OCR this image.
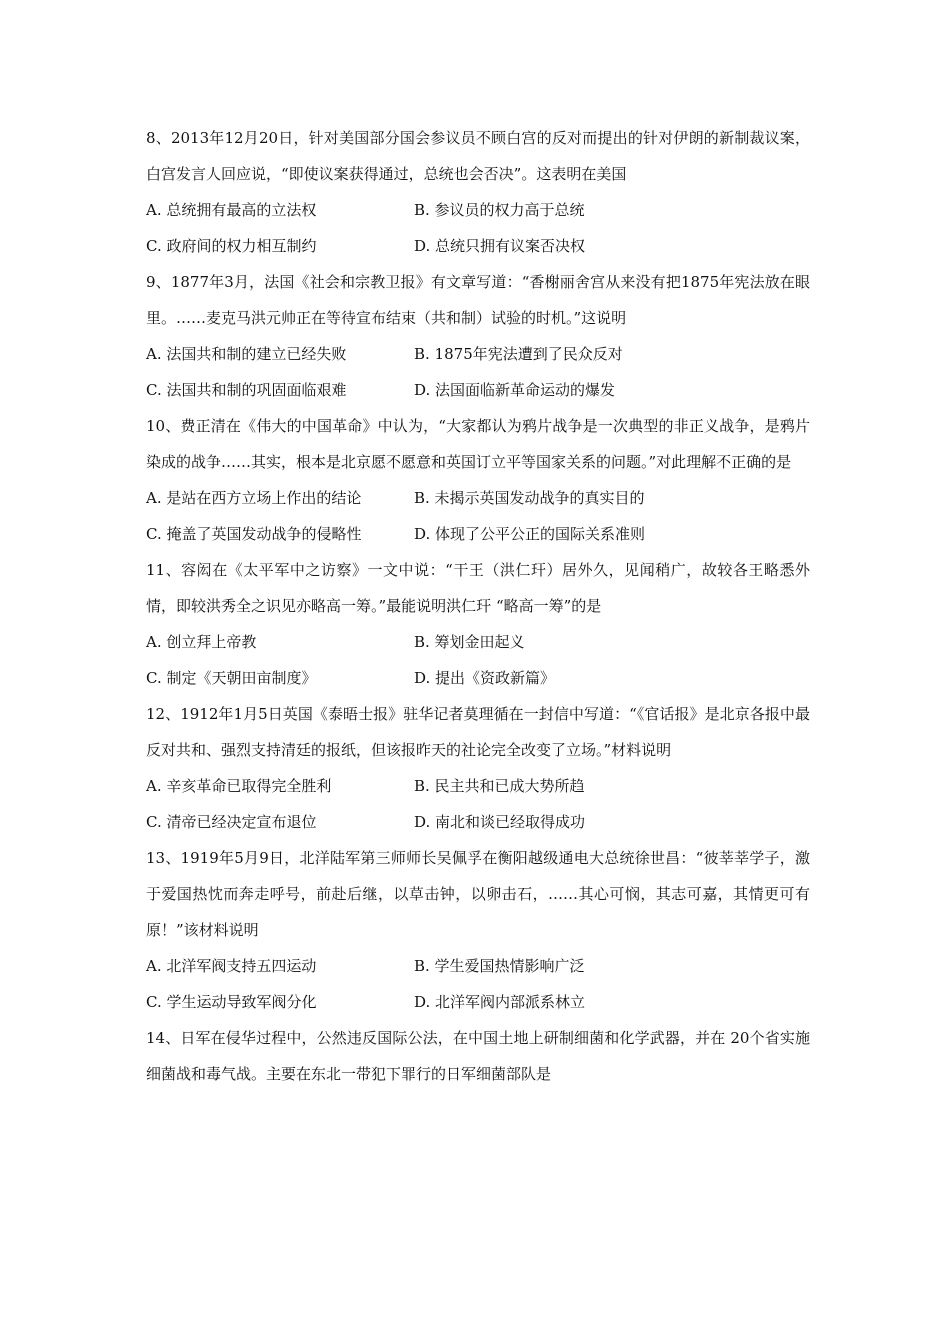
8、2013年12月20日，针对美国部分国会参议员不顾白宫的反对而提出的针对伊朗的新制裁议案，白宫发言人回应说，“即使议案获得通过，总统也会否决”。这表明在美国

A. 总统拥有最高的立法权	B. 参议员的权力高于总统
C. 政府间的权力相互制约	D. 总统只拥有议案否决权

9、1877年3月，法国《社会和宗教卫报》有文章写道：“香榭丽舍宫从来没有把1875年宪法放在眼里。……麦克马洪元帅正在等待宣布结束（共和制）试验的时机。”这说明

A. 法国共和制的建立已经失败	B. 1875年宪法遭到了民众反对
C. 法国共和制的巩固面临艰难	D. 法国面临新革命运动的爆发

10、费正清在《伟大的中国革命》中认为，“大家都认为鸦片战争是一次典型的非正义战争，是鸦片染成的战争……其实，根本是北京愿不愿意和英国订立平等国家关系的问题。”对此理解不正确的是

A. 是站在西方立场上作出的结论	B. 未揭示英国发动战争的真实目的
C. 掩盖了英国发动战争的侵略性	D. 体现了公平公正的国际关系准则

11、容闳在《太平军中之访察》一文中说：“干王（洪仁玕）居外久，见闻稍广，故较各王略悉外情，即较洪秀全之识见亦略高一筹。”最能说明洪仁玕 “略高一筹”的是

A. 创立拜上帝教	B. 筹划金田起义
C. 制定《天朝田亩制度》	D. 提出《资政新篇》

12、1912年1月5日英国《泰晤士报》驻华记者莫理循在一封信中写道：“《官话报》是北京各报中最反对共和、强烈支持清廷的报纸，但该报昨天的社论完全改变了立场。”材料说明

A. 辛亥革命已取得完全胜利	B. 民主共和已成大势所趋
C. 清帝已经决定宣布退位	D. 南北和谈已经取得成功

13、1919年5月9日，北洋陆军第三师师长吴佩孚在衡阳越级通电大总统徐世昌：“彼莘莘学子，激于爱国热忱而奔走呼号，前赴后继，以草击钟，以卵击石，……其心可悯，其志可嘉，其情更可有原！”该材料说明

A. 北洋军阀支持五四运动	B. 学生爱国热情影响广泛
C. 学生运动导致军阀分化	D. 北洋军阀内部派系林立

14、日军在侵华过程中，公然违反国际公法，在中国土地上研制细菌和化学武器，并在 20个省实施细菌战和毒气战。主要在东北一带犯下罪行的日军细菌部队是
